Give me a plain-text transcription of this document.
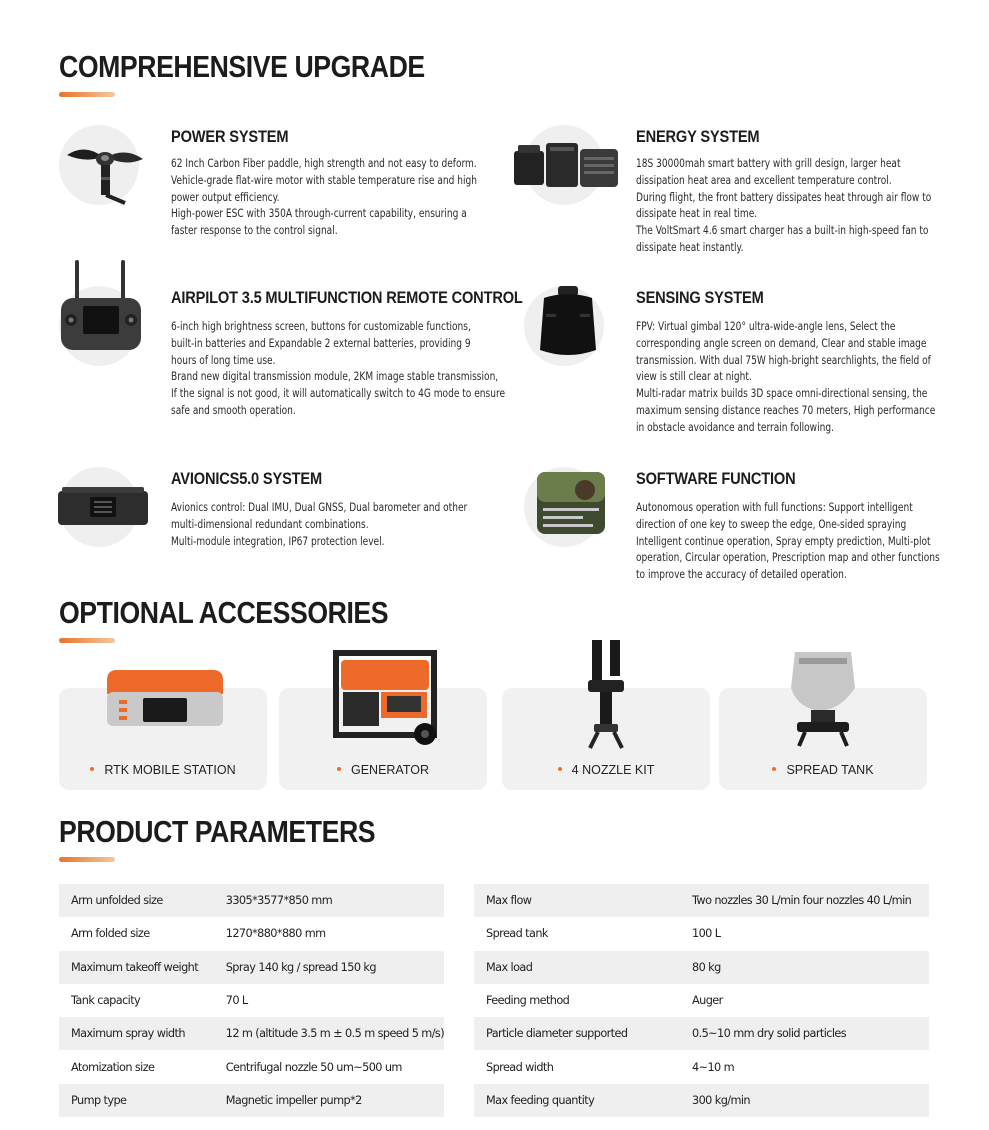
COMPREHENSIVE UPGRADE
POWER SYSTEM

62 Inch Carbon Fiber paddle, high strength and not easy to deform.

Vehicle-grade flat-wire motor with stable temperature rise and high

power output efficiency.

High-power ESC with 350A through-current capability, ensuring a

faster response to the control signal.

ENERGY SYSTEM

18S 30000mah smart battery with grill design, larger heat

dissipation heat area and excellent temperature control.

During flight, the front battery dissipates heat through air flow to

dissipate heat in real time.

The VoltSmart 4.6 smart charger has a built-in high-speed fan to

dissipate heat instantly.

AIRPILOT 3.5 MULTIFUNCTION REMOTE CONTROL

6-inch high brightness screen, buttons for customizable functions,

built-in batteries and Expandable 2 external batteries, providing 9

hours of long time use.

Brand new digital transmission module, 2KM image stable transmission,

If the signal is not good, it will automatically switch to 4G mode to ensure

safe and smooth operation.

SENSING SYSTEM

FPV: Virtual gimbal 120° ultra-wide-angle lens, Select the

corresponding angle screen on demand, Clear and stable image

transmission. With dual 75W high-bright searchlights, the field of

view is still clear at night.

Multi-radar matrix builds 3D space omni-directional sensing, the

maximum sensing distance reaches 70 meters, High performance

in obstacle avoidance and terrain following.

AVIONICS5.0 SYSTEM

Avionics control: Dual IMU, Dual GNSS, Dual barometer and other

multi-dimensional redundant combinations.

Multi-module integration, IP67 protection level.

SOFTWARE FUNCTION

Autonomous operation with full functions: Support intelligent

direction of one key to sweep the edge, One-sided spraying

Intelligent continue operation, Spray empty prediction, Multi-plot

operation, Circular operation, Prescription map and other functions

to improve the accuracy of detailed operation.

OPTIONAL ACCESSORIES
RTK MOBILE STATION	GENERATOR	4 NOZZLE KIT	SPREAD TANK
PRODUCT PARAMETERS
Arm unfolded size	3305*3577*850 mm
Arm folded size	1270*880*880 mm
Maximum takeoff weight	Spray 140 kg / spread 150 kg
Tank capacity	70 L
Maximum spray width	12 m (altitude 3.5 m ± 0.5 m speed 5 m/s)
Atomization size	Centrifugal nozzle 50 um~500 um
Pump type	Magnetic impeller pump*2
Max flow	Two nozzles 30 L/min four nozzles 40 L/min
Spread tank	100 L
Max load	80 kg
Feeding method	Auger
Particle diameter supported	0.5~10 mm dry solid particles
Spread width	4~10 m
Max feeding quantity	300 kg/min
